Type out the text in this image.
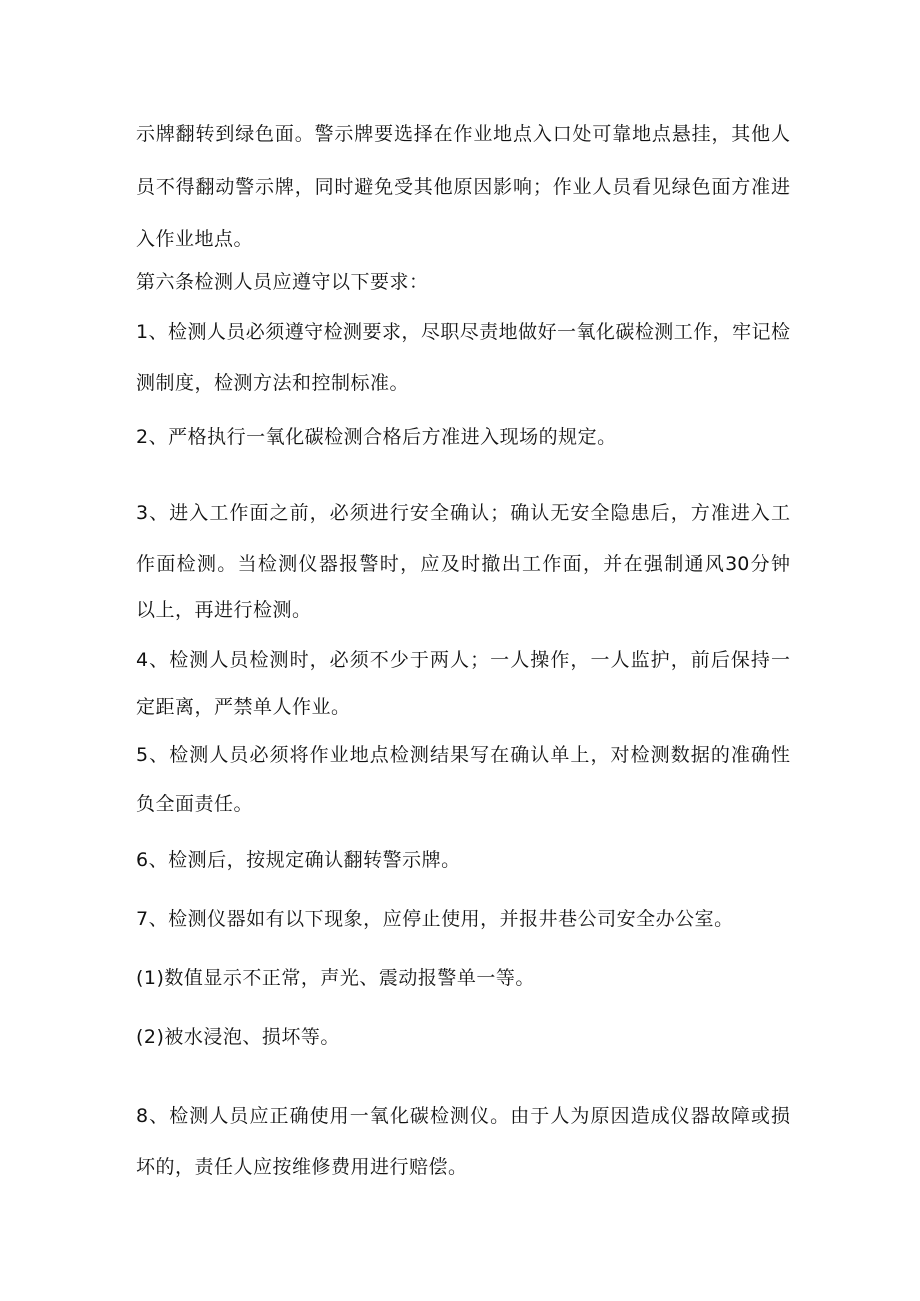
示牌翻转到绿色面。警示牌要选择在作业地点入口处可靠地点悬挂，其他人
员不得翻动警示牌，同时避免受其他原因影响；作业人员看见绿色面方准进
入作业地点。
第六条检测人员应遵守以下要求：
1、检测人员必须遵守检测要求，尽职尽责地做好一氧化碳检测工作，牢记检
测制度，检测方法和控制标准。
2、严格执行一氧化碳检测合格后方准进入现场的规定。
3、进入工作面之前，必须进行安全确认；确认无安全隐患后，方准进入工
作面检测。当检测仪器报警时，应及时撤出工作面，并在强制通风30分钟
以上，再进行检测。
4、检测人员检测时，必须不少于两人；一人操作，一人监护，前后保持一
定距离，严禁单人作业。
5、检测人员必须将作业地点检测结果写在确认单上，对检测数据的准确性
负全面责任。
6、检测后，按规定确认翻转警示牌。
7、检测仪器如有以下现象，应停止使用，并报井巷公司安全办公室。
(1)数值显示不正常，声光、震动报警单一等。
(2)被水浸泡、损坏等。
8、检测人员应正确使用一氧化碳检测仪。由于人为原因造成仪器故障或损
坏的，责任人应按维修费用进行赔偿。
